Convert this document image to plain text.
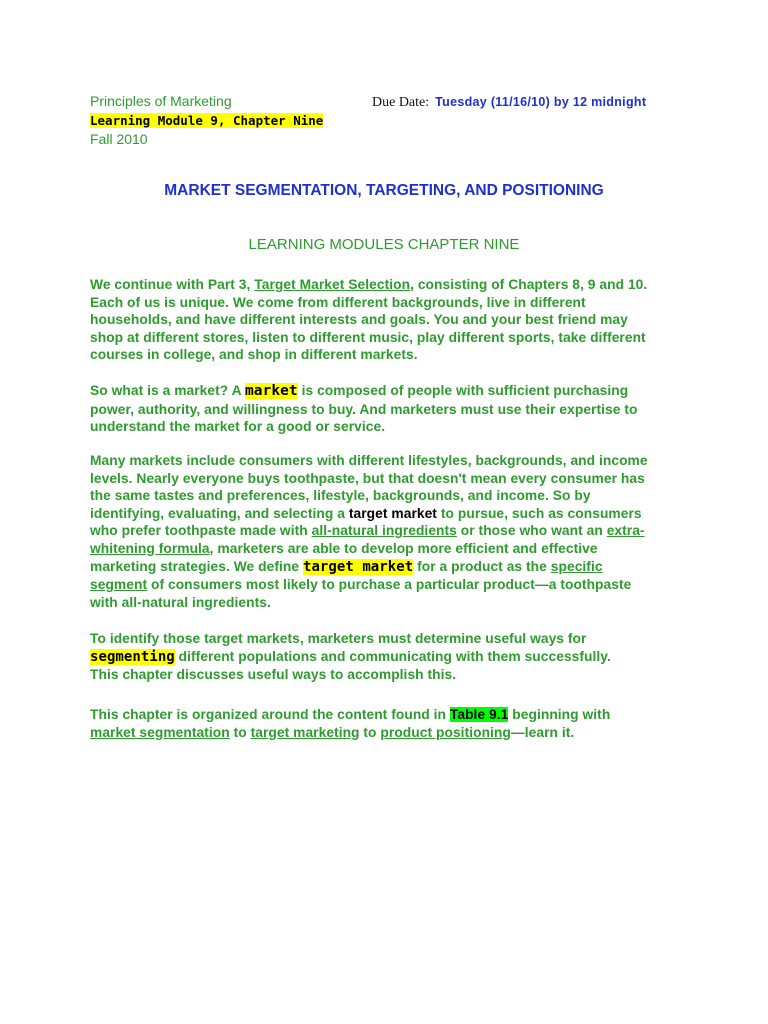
Principles of Marketing
Learning Module 9, Chapter Nine
Fall 2010
Due Date: Tuesday (11/16/10) by 12 midnight
MARKET SEGMENTATION, TARGETING, AND POSITIONING
LEARNING MODULES CHAPTER NINE
We continue with Part 3, Target Market Selection, consisting of Chapters 8, 9 and 10.
Each of us is unique. We come from different backgrounds, live in different
households, and have different interests and goals. You and your best friend may
shop at different stores, listen to different music, play different sports, take different
courses in college, and shop in different markets.
So what is a market? A market is composed of people with sufficient purchasing
power, authority, and willingness to buy. And marketers must use their expertise to
understand the market for a good or service.
Many markets include consumers with different lifestyles, backgrounds, and income
levels. Nearly everyone buys toothpaste, but that doesn't mean every consumer has
the same tastes and preferences, lifestyle, backgrounds, and income. So by
identifying, evaluating, and selecting a target market to pursue, such as consumers
who prefer toothpaste made with all-natural ingredients or those who want an extra-
whitening formula, marketers are able to develop more efficient and effective
marketing strategies. We define target market for a product as the specific
segment of consumers most likely to purchase a particular product—a toothpaste
with all-natural ingredients.
To identify those target markets, marketers must determine useful ways for
segmenting different populations and communicating with them successfully.
This chapter discusses useful ways to accomplish this.
This chapter is organized around the content found in Table 9.1 beginning with
market segmentation to target marketing to product positioning—learn it.
